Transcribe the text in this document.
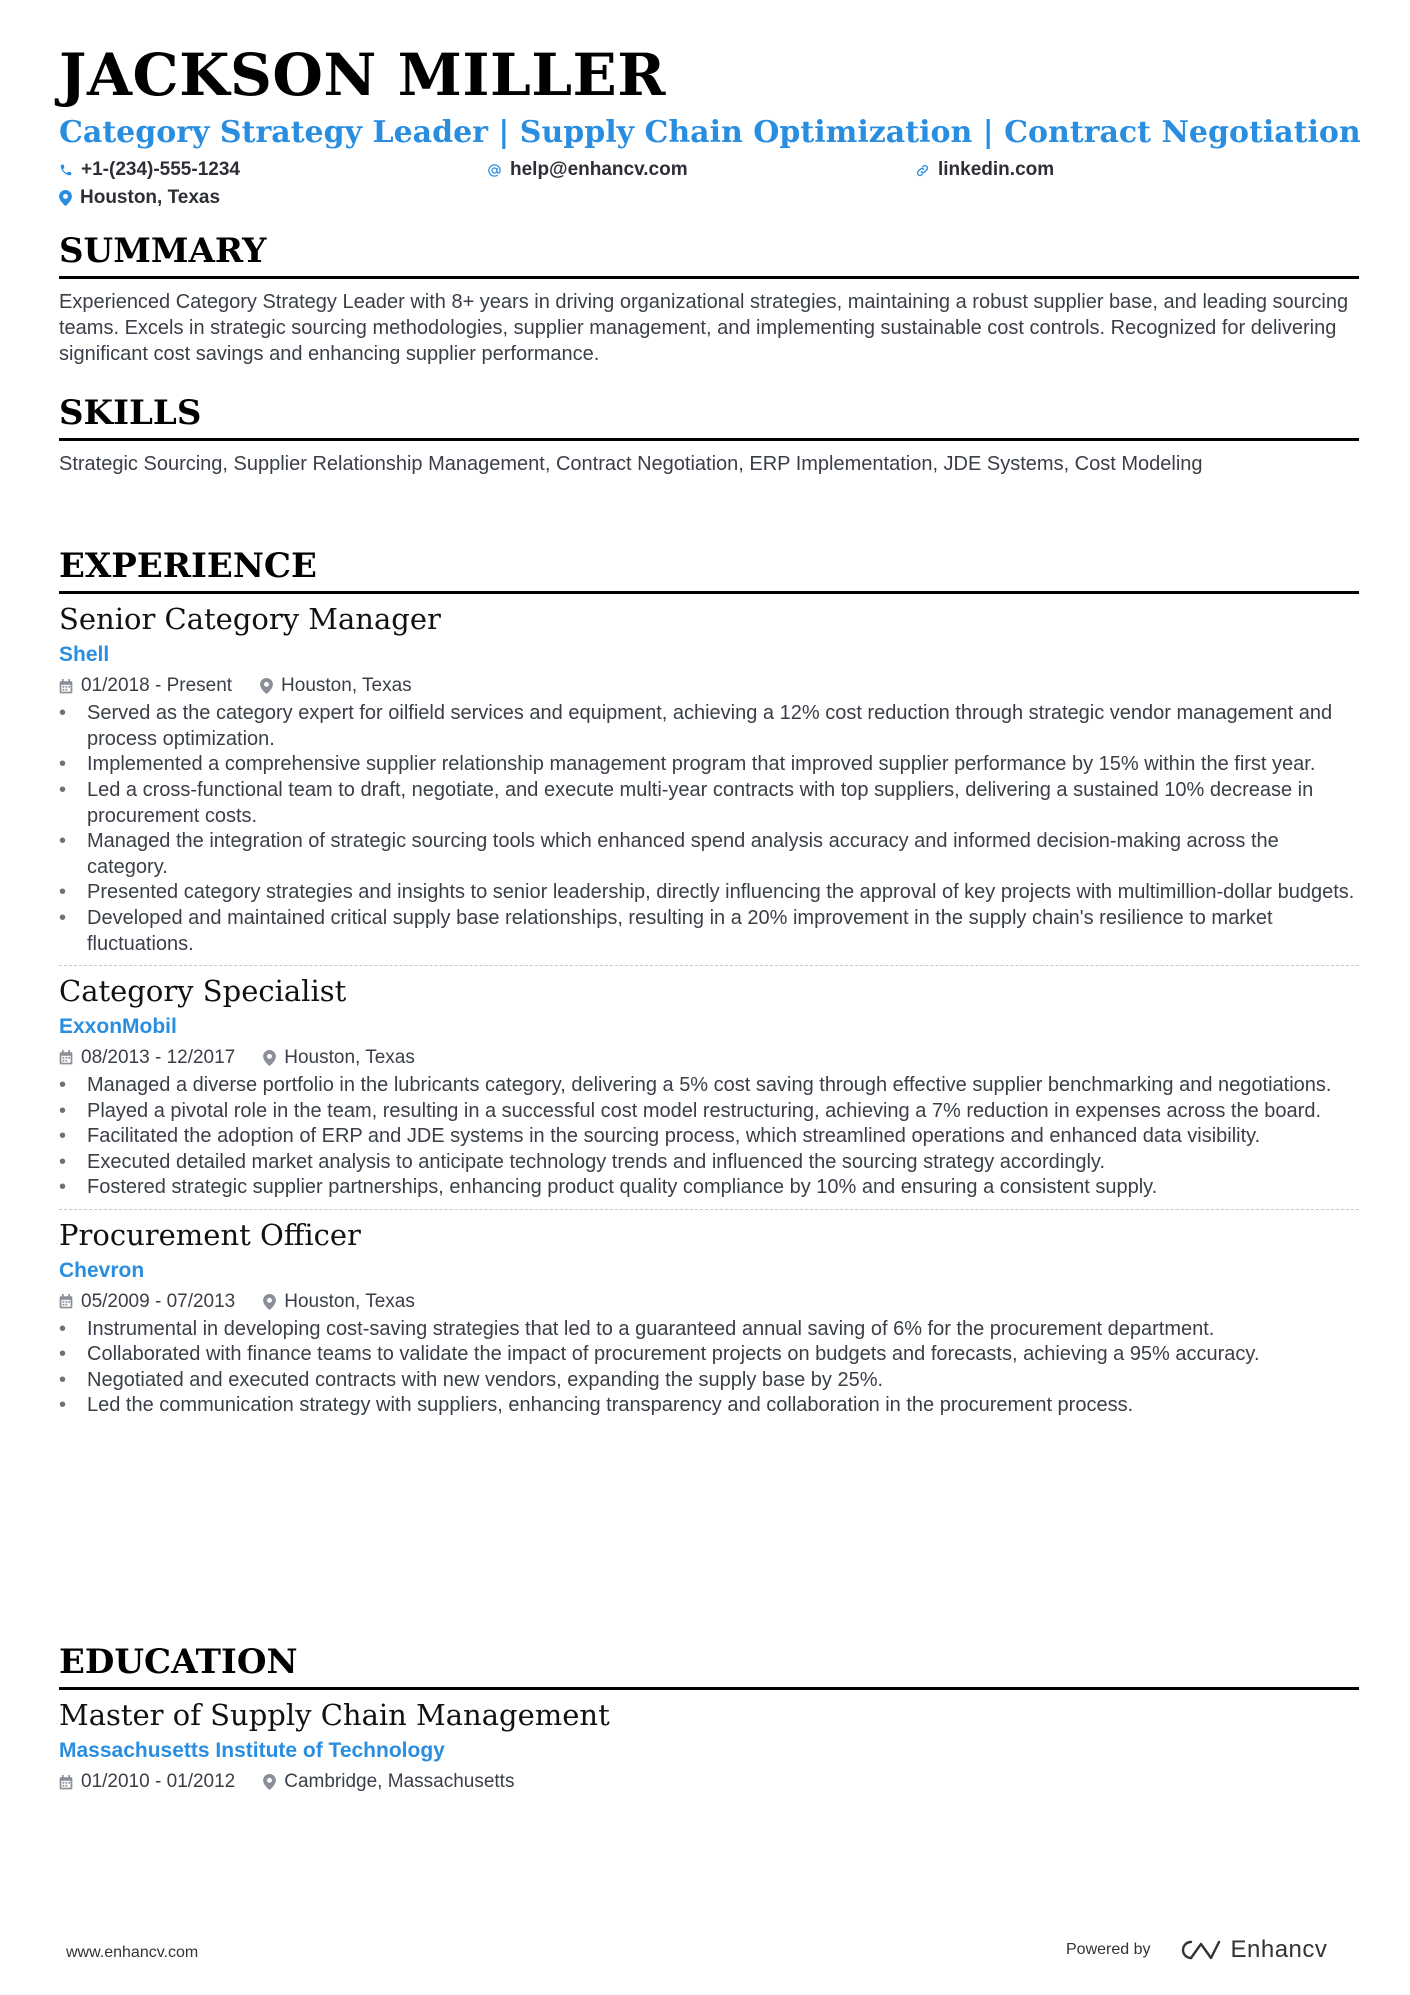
JACKSON MILLER
Category Strategy Leader | Supply Chain Optimization | Contract Negotiation
+1-(234)-555-1234	help@enhancv.com	linkedin.com
Houston, Texas
SUMMARY
Experienced Category Strategy Leader with 8+ years in driving organizational strategies, maintaining a robust supplier base, and leading sourcing teams. Excels in strategic sourcing methodologies, supplier management, and implementing sustainable cost controls. Recognized for delivering significant cost savings and enhancing supplier performance.
SKILLS
Strategic Sourcing, Supplier Relationship Management, Contract Negotiation, ERP Implementation, JDE Systems, Cost Modeling
EXPERIENCE
Senior Category Manager
Shell
01/2018 - Present	Houston, Texas
• Served as the category expert for oilfield services and equipment, achieving a 12% cost reduction through strategic vendor management and process optimization.
• Implemented a comprehensive supplier relationship management program that improved supplier performance by 15% within the first year.
• Led a cross-functional team to draft, negotiate, and execute multi-year contracts with top suppliers, delivering a sustained 10% decrease in procurement costs.
• Managed the integration of strategic sourcing tools which enhanced spend analysis accuracy and informed decision-making across the category.
• Presented category strategies and insights to senior leadership, directly influencing the approval of key projects with multimillion-dollar budgets.
• Developed and maintained critical supply base relationships, resulting in a 20% improvement in the supply chain's resilience to market fluctuations.
Category Specialist
ExxonMobil
08/2013 - 12/2017	Houston, Texas
• Managed a diverse portfolio in the lubricants category, delivering a 5% cost saving through effective supplier benchmarking and negotiations.
• Played a pivotal role in the team, resulting in a successful cost model restructuring, achieving a 7% reduction in expenses across the board.
• Facilitated the adoption of ERP and JDE systems in the sourcing process, which streamlined operations and enhanced data visibility.
• Executed detailed market analysis to anticipate technology trends and influenced the sourcing strategy accordingly.
• Fostered strategic supplier partnerships, enhancing product quality compliance by 10% and ensuring a consistent supply.
Procurement Officer
Chevron
05/2009 - 07/2013	Houston, Texas
• Instrumental in developing cost-saving strategies that led to a guaranteed annual saving of 6% for the procurement department.
• Collaborated with finance teams to validate the impact of procurement projects on budgets and forecasts, achieving a 95% accuracy.
• Negotiated and executed contracts with new vendors, expanding the supply base by 25%.
• Led the communication strategy with suppliers, enhancing transparency and collaboration in the procurement process.
EDUCATION
Master of Supply Chain Management
Massachusetts Institute of Technology
01/2010 - 01/2012	Cambridge, Massachusetts
www.enhancv.com	Powered by	Enhancv
